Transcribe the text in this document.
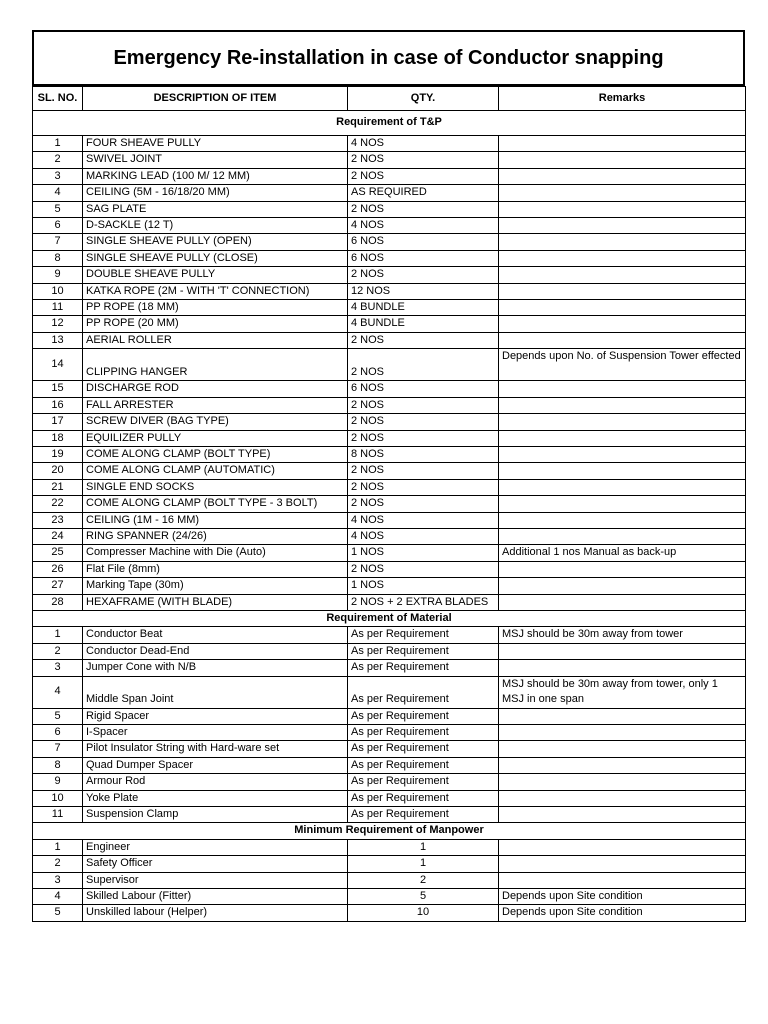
Emergency Re-installation in case of Conductor snapping
SL. NO.	DESCRIPTION OF ITEM	QTY.	Remarks
Requirement of T&P			
1	FOUR SHEAVE PULLY	4 NOS	
2	SWIVEL JOINT	2 NOS	
3	MARKING LEAD (100 M/ 12 MM)	2 NOS	
4	CEILING (5M - 16/18/20 MM)	AS REQUIRED	
5	SAG PLATE	2 NOS	
6	D-SACKLE (12 T)	4 NOS	
7	SINGLE SHEAVE PULLY (OPEN)	6 NOS	
8	SINGLE SHEAVE PULLY (CLOSE)	6 NOS	
9	DOUBLE SHEAVE PULLY	2 NOS	
10	KATKA ROPE (2M - WITH 'T' CONNECTION)	12 NOS	
11	PP ROPE (18 MM)	4 BUNDLE	
12	PP ROPE (20 MM)	4 BUNDLE	
13	AERIAL ROLLER	2 NOS	
14	CLIPPING HANGER	2 NOS	Depends upon No. of Suspension Tower effected
15	DISCHARGE ROD	6 NOS	
16	FALL ARRESTER	2 NOS	
17	SCREW DIVER (BAG TYPE)	2 NOS	
18	EQUILIZER PULLY	2 NOS	
19	COME ALONG CLAMP (BOLT TYPE)	8 NOS	
20	COME ALONG CLAMP (AUTOMATIC)	2 NOS	
21	SINGLE END SOCKS	2 NOS	
22	COME ALONG CLAMP (BOLT TYPE - 3 BOLT)	2 NOS	
23	CEILING (1M - 16 MM)	4 NOS	
24	RING SPANNER (24/26)	4 NOS	
25	Compresser Machine with Die (Auto)	1 NOS	Additional 1 nos Manual as back-up
26	Flat File (8mm)	2 NOS	
27	Marking Tape (30m)	1 NOS	
28	HEXAFRAME (WITH BLADE)	2 NOS + 2 EXTRA BLADES	
Requirement of Material			
1	Conductor Beat	As per Requirement	MSJ should be 30m away from tower
2	Conductor Dead-End	As per Requirement	
3	Jumper Cone with N/B	As per Requirement	
4	Middle Span Joint	As per Requirement	MSJ should be 30m away from tower, only 1 MSJ in one span
5	Rigid Spacer	As per Requirement	
6	I-Spacer	As per Requirement	
7	Pilot Insulator String with Hard-ware set	As per Requirement	
8	Quad Dumper Spacer	As per Requirement	
9	Armour Rod	As per Requirement	
10	Yoke Plate	As per Requirement	
11	Suspension Clamp	As per Requirement	
Minimum Requirement of Manpower			
1	Engineer	1	
2	Safety Officer	1	
3	Supervisor	2	
4	Skilled Labour (Fitter)	5	Depends upon Site condition
5	Unskilled labour (Helper)	10	Depends upon Site condition
